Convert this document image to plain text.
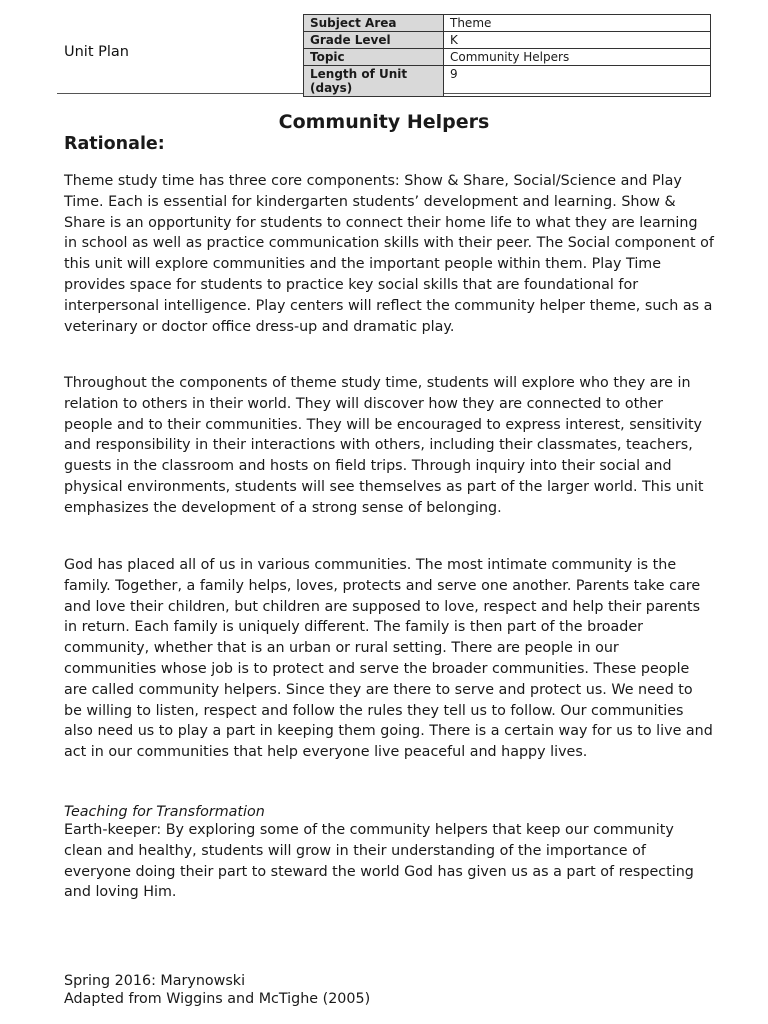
Unit Plan
Subject Area	Theme
Grade Level	K
Topic	Community Helpers
Length of Unit (days)	9
Community Helpers
Rationale:

Theme study time has three core components: Show & Share, Social/Science and Play Time. Each is essential for kindergarten students’ development and learning. Show & Share is an opportunity for students to connect their home life to what they are learning in school as well as practice communication skills with their peer. The Social component of this unit will explore communities and the important people within them. Play Time provides space for students to practice key social skills that are foundational for interpersonal intelligence. Play centers will reflect the community helper theme, such as a veterinary or doctor office dress-up and dramatic play.

Throughout the components of theme study time, students will explore who they are in relation to others in their world. They will discover how they are connected to other people and to their communities. They will be encouraged to express interest, sensitivity and responsibility in their interactions with others, including their classmates, teachers, guests in the classroom and hosts on field trips. Through inquiry into their social and physical environments, students will see themselves as part of the larger world. This unit emphasizes the development of a strong sense of belonging.

God has placed all of us in various communities. The most intimate community is the family. Together, a family helps, loves, protects and serve one another. Parents take care and love their children, but children are supposed to love, respect and help their parents in return. Each family is uniquely different. The family is then part of the broader community, whether that is an urban or rural setting. There are people in our communities whose job is to protect and serve the broader communities. These people are called community helpers. Since they are there to serve and protect us. We need to be willing to listen, respect and follow the rules they tell us to follow. Our communities also need us to play a part in keeping them going. There is a certain way for us to live and act in our communities that help everyone live peaceful and happy lives.

Teaching for Transformation

Earth-keeper: By exploring some of the community helpers that keep our community clean and healthy, students will grow in their understanding of the importance of everyone doing their part to steward the world God has given us as a part of respecting and loving Him.

Spring 2016: Marynowski
Adapted from Wiggins and McTighe (2005)
